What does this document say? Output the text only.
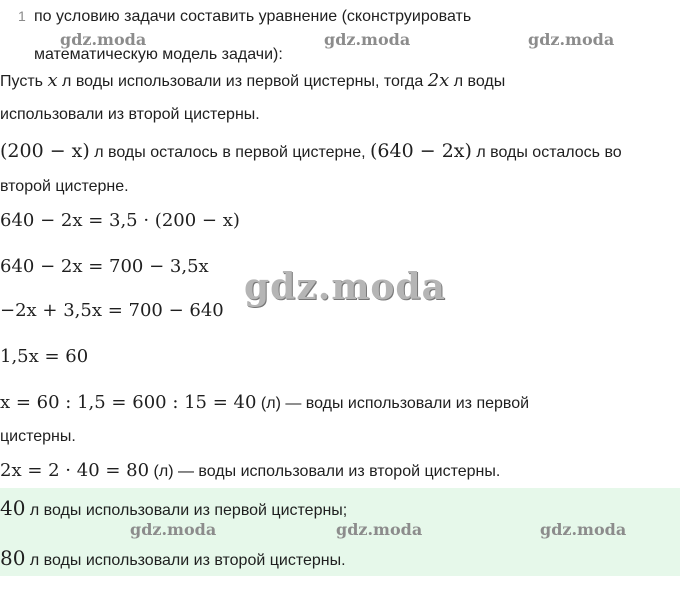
1 по условию задачи составить уравнение (сконструировать
математическую модель задачи):
gdz.moda	gdz.moda	gdz.moda
Пусть x л воды использовали из первой цистерны, тогда 2x л воды
использовали из второй цистерны.
(200 − x) л воды осталось в первой цистерне, (640 − 2x) л воды осталось во
второй цистерне.
640 − 2x = 3,5 · (200 − x)
640 − 2x = 700 − 3,5x gdz.moda
−2x + 3,5x = 700 − 640
1,5x = 60
x = 60 : 1,5 = 600 : 15 = 40 (л) — воды использовали из первой
цистерны.
2x = 2 · 40 = 80 (л) — воды использовали из второй цистерны.
40 л воды использовали из первой цистерны;
gdz.moda	gdz.moda	gdz.moda
80 л воды использовали из второй цистерны.
